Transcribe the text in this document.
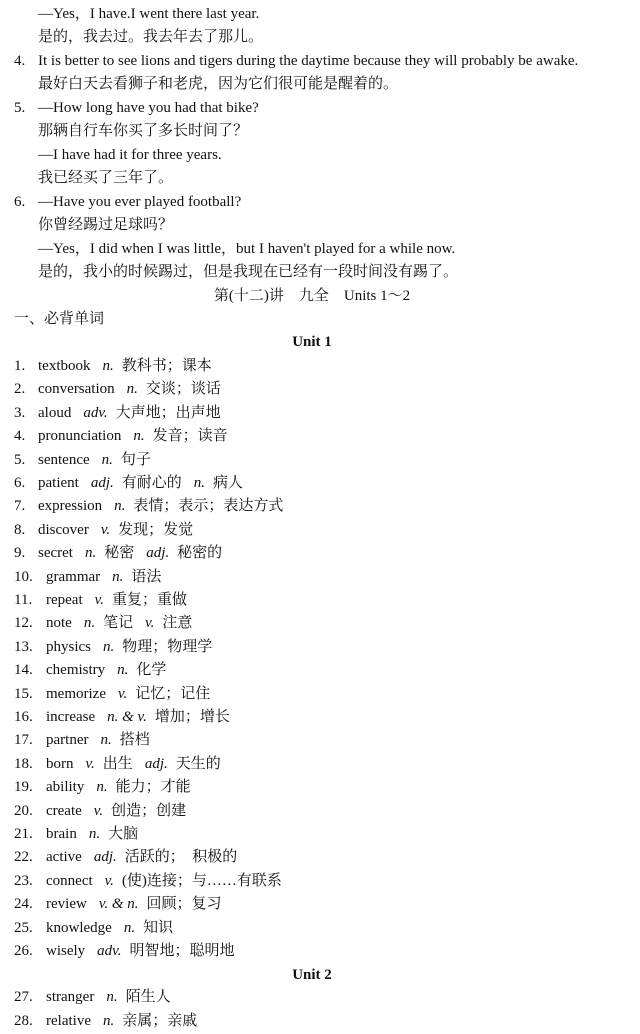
—Yes，I have.I went there last year.
是的，我去过。我去年去了那儿。
4. It is better to see lions and tigers during the daytime because they will probably be awake.
最好白天去看狮子和老虎，因为它们很可能是醒着的。
5. —How long have you had that bike?
那辆自行车你买了多长时间了？
—I have had it for three years.
我已经买了三年了。
6. —Have you ever played football?
你曾经踢过足球吗？
—Yes，I did when I was little，but I haven't played for a while now.
是的，我小的时候踢过，但是我现在已经有一段时间没有踢了。
第(十二)讲　九全　Units 1～2
一、必背单词
Unit 1
1. textbook n. 教科书；课本
2. conversation n. 交谈；谈话
3. aloud adv. 大声地；出声地
4. pronunciation n. 发音；读音
5. sentence n. 句子
6. patient adj. 有耐心的 n. 病人
7. expression n. 表情；表示；表达方式
8. discover v. 发现；发觉
9. secret n. 秘密 adj. 秘密的
10. grammar n. 语法
11. repeat v. 重复；重做
12. note n. 笔记 v. 注意
13. physics n. 物理；物理学
14. chemistry n. 化学
15. memorize v. 记忆；记住
16. increase n. & v. 增加；增长
17. partner n. 搭档
18. born v. 出生 adj. 天生的
19. ability n. 能力；才能
20. create v. 创造；创建
21. brain n. 大脑
22. active adj. 活跃的；　积极的
23. connect v. (使)连接；与……有联系
24. review v. & n. 回顾；复习
25. knowledge n. 知识
26. wisely adv. 明智地；聪明地
27. stranger n. 陌生人
28. relative n. 亲属；亲戚
Unit 2
